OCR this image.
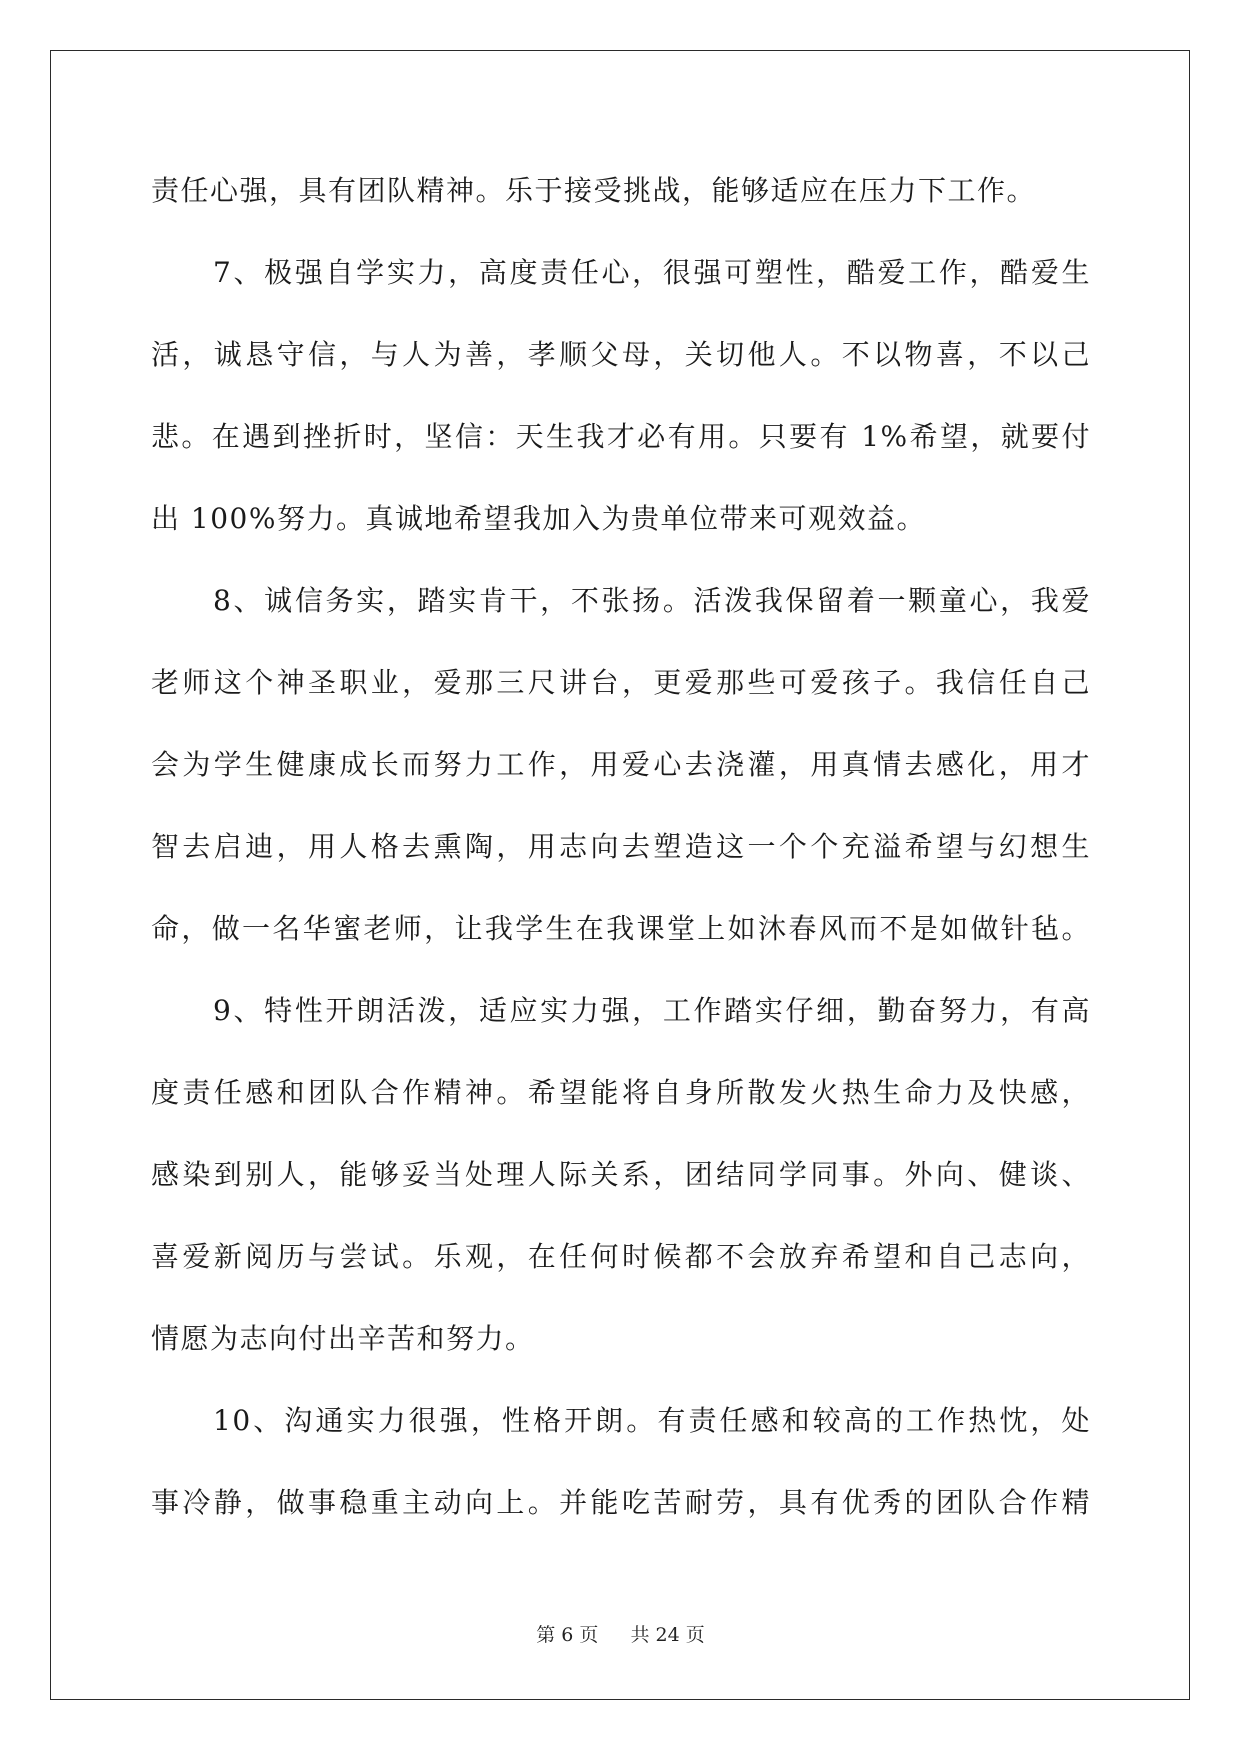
责任心强，具有团队精神。乐于接受挑战，能够适应在压力下工作。
7、极强自学实力，高度责任心，很强可塑性，酷爱工作，酷爱生
活，诚恳守信，与人为善，孝顺父母，关切他人。不以物喜，不以己
悲。在遇到挫折时，坚信：天生我才必有用。只要有 1%希望，就要付
出 100%努力。真诚地希望我加入为贵单位带来可观效益。
8、诚信务实，踏实肯干，不张扬。活泼我保留着一颗童心，我爱
老师这个神圣职业，爱那三尺讲台，更爱那些可爱孩子。我信任自己
会为学生健康成长而努力工作，用爱心去浇灌，用真情去感化，用才
智去启迪，用人格去熏陶，用志向去塑造这一个个充溢希望与幻想生
命，做一名华蜜老师，让我学生在我课堂上如沐春风而不是如做针毡。
9、特性开朗活泼，适应实力强，工作踏实仔细，勤奋努力，有高
度责任感和团队合作精神。希望能将自身所散发火热生命力及快感，
感染到别人，能够妥当处理人际关系，团结同学同事。外向、健谈、
喜爱新阅历与尝试。乐观，在任何时候都不会放弃希望和自己志向，
情愿为志向付出辛苦和努力。
10、沟通实力很强，性格开朗。有责任感和较高的工作热忱，处
事冷静，做事稳重主动向上。并能吃苦耐劳，具有优秀的团队合作精
第 6 页 共 24 页
